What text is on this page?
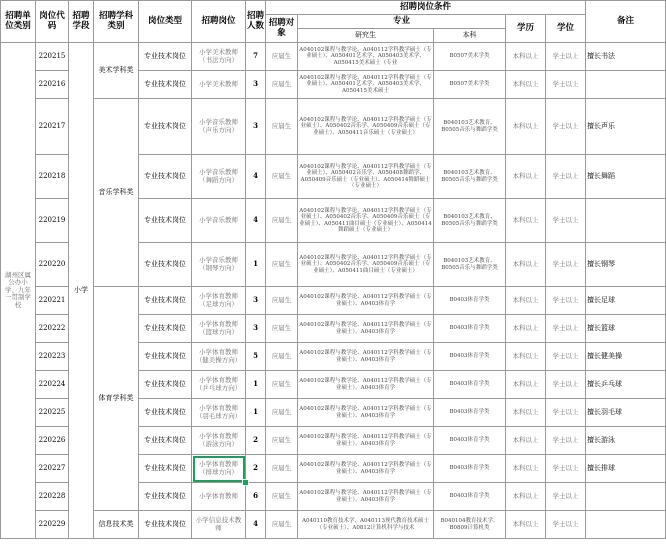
招聘单位类别	岗位代码	招聘学段	招聘学科类别	岗位类型	招聘岗位	招聘人数	招聘岗位条件					备注
							招聘对象	专业		学历	学位	
								研究生	本科			
湖州区属公办小学、九年一贯制学校	220215	小学	美术学科类	专业技术岗位	小学美术教师（书法方向）	7	应届生	A040102课程与教学论、A040112学科教学硕士（专业硕士）、A050401艺术学、A050403美术学、A050415美术硕士（专业	B0507美术学类	本科以上	学士以上	擅长书法
	220216			专业技术岗位	小学美术教师	3	应届生	A040102课程与教学论、A040112学科教学硕士（专业硕士）、A050401艺术学、A050403美术学、A050415美术硕士	B0507美术学类	本科以上	学士以上	
	220217		音乐学科类	专业技术岗位	小学音乐教师（声乐方向）	3	应届生	A040102课程与教学论、A040112学科教学硕士（专业硕士）、A050402音乐学、A050409音乐硕士（专业硕士）、A050411音乐硕士（专业硕士）	B040103艺术教育、B0505音乐与舞蹈学类	本科以上	学士以上	擅长声乐
	220218			专业技术岗位	小学音乐教师（舞蹈方向）	4	应届生	A040102课程与教学论、A040112学科教学硕士（专业硕士）、A050402音乐学、A050408舞蹈学、A050409音乐硕士（专业硕士）、A050414舞蹈硕士（专业硕士）	B040103艺术教育、B0505音乐与舞蹈学类	本科以上	学士以上	擅长舞蹈
	220219			专业技术岗位	小学音乐教师	4	应届生	A040102课程与教学论、A040112学科教学硕士（专业硕士）、A050402音乐学、A050409音乐硕士（专业硕士）、A050411曲目硕士（专业硕士）、A050414舞蹈硕士（专业硕士）	B040103艺术教育、B0505音乐与舞蹈学类	本科以上	学士以上	
	220220			专业技术岗位	小学音乐教师（钢琴方向）	1	应届生	A040102课程与教学论、A040112学科教学硕士（专业硕士）、A050402音乐学、A050409音乐硕士（专业硕士）、A050411曲目硕士（专业硕士）	B040103艺术教育、B0505音乐与舞蹈学类	本科以上	学士以上	擅长钢琴
	220221		体育学科类	专业技术岗位	小学体育教师（足球方向）	3	应届生	A040102课程与教学论、A040112学科教学硕士（专业硕士）、A0403体育学	B0403体育学类	本科以上	学士以上	擅长足球
	220222			专业技术岗位	小学体育教师（篮球方向）	3	应届生	A040102课程与教学论、A040112学科教学硕士（专业硕士）、A0403体育学	B0403体育学类	本科以上	学士以上	擅长篮球
	220223			专业技术岗位	小学体育教师（健美操方向）	5	应届生	A040102课程与教学论、A040112学科教学硕士（专业硕士）、A0403体育学	B0403体育学类	本科以上	学士以上	擅长健美操
	220224			专业技术岗位	小学体育教师（乒乓球方向）	1	应届生	A040102课程与教学论、A040112学科教学硕士（专业硕士）、A0403体育学	B0403体育学类	本科以上	学士以上	擅长乒乓球
	220225			专业技术岗位	小学体育教师（羽毛球方向）	1	应届生	A040102课程与教学论、A040112学科教学硕士（专业硕士）、A0403体育学	B0403体育学类	本科以上	学士以上	擅长羽毛球
	220226			专业技术岗位	小学体育教师（游泳方向）	2	应届生	A040102课程与教学论、A040112学科教学硕士（专业硕士）、A0403体育学	B0403体育学类	本科以上	学士以上	擅长游泳
	220227			专业技术岗位	小学体育教师（排球方向）	2	应届生	A040102课程与教学论、A040112学科教学硕士（专业硕士）、A0403体育学	B0403体育学类	本科以上	学士以上	擅长排球
	220228			专业技术岗位	小学体育教师	6	应届生	A040102课程与教学论、A040112学科教学硕士（专业硕士）、A0403体育学	B0403体育学类	本科以上	学士以上	
	220229		信息技术类	专业技术岗位	小学信息技术教师	4	应届生	A040110教育技术学、A040113现代教育技术硕士（专业硕士）、A0812计算机科学与技术	B040104教育技术学、B0809计算机类	本科以上	学士以上	
